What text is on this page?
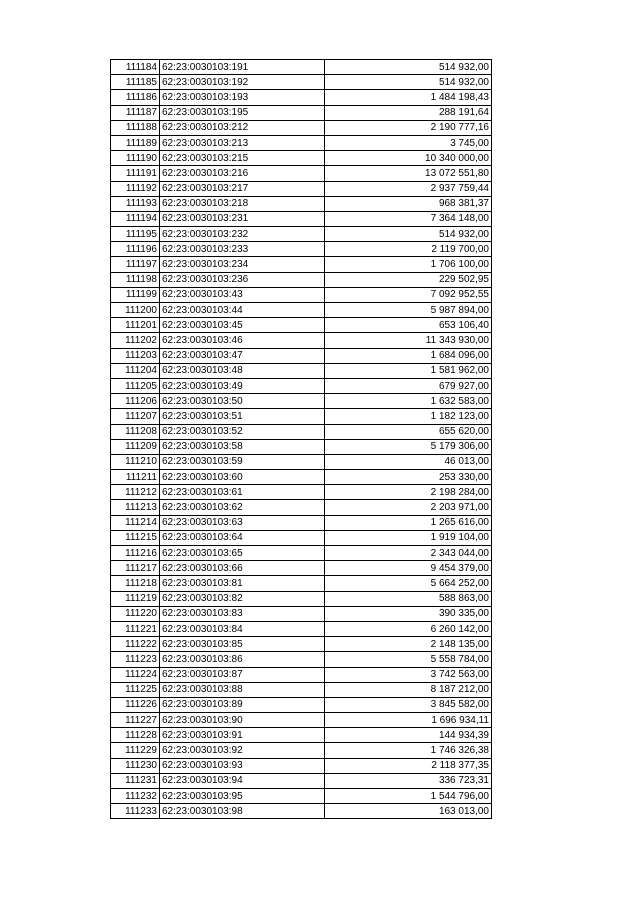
111184	62:23:0030103:191	514 932,00
111185	62:23:0030103:192	514 932,00
111186	62:23:0030103:193	1 484 198,43
111187	62:23:0030103:195	288 191,64
111188	62:23:0030103:212	2 190 777,16
111189	62:23:0030103:213	3 745,00
111190	62:23:0030103:215	10 340 000,00
111191	62:23:0030103:216	13 072 551,80
111192	62:23:0030103:217	2 937 759,44
111193	62:23:0030103:218	968 381,37
111194	62:23:0030103:231	7 364 148,00
111195	62:23:0030103:232	514 932,00
111196	62:23:0030103:233	2 119 700,00
111197	62:23:0030103:234	1 706 100,00
111198	62:23:0030103:236	229 502,95
111199	62:23:0030103:43	7 092 952,55
111200	62:23:0030103:44	5 987 894,00
111201	62:23:0030103:45	653 106,40
111202	62:23:0030103:46	11 343 930,00
111203	62:23:0030103:47	1 684 096,00
111204	62:23:0030103:48	1 581 962,00
111205	62:23:0030103:49	679 927,00
111206	62:23:0030103:50	1 632 583,00
111207	62:23:0030103:51	1 182 123,00
111208	62:23:0030103:52	655 620,00
111209	62:23:0030103:58	5 179 306,00
111210	62:23:0030103:59	46 013,00
111211	62:23:0030103:60	253 330,00
111212	62:23:0030103:61	2 198 284,00
111213	62:23:0030103:62	2 203 971,00
111214	62:23:0030103:63	1 265 616,00
111215	62:23:0030103:64	1 919 104,00
111216	62:23:0030103:65	2 343 044,00
111217	62:23:0030103:66	9 454 379,00
111218	62:23:0030103:81	5 664 252,00
111219	62:23:0030103:82	588 863,00
111220	62:23:0030103:83	390 335,00
111221	62:23:0030103:84	6 260 142,00
111222	62:23:0030103:85	2 148 135,00
111223	62:23:0030103:86	5 558 784,00
111224	62:23:0030103:87	3 742 563,00
111225	62:23:0030103:88	8 187 212,00
111226	62:23:0030103:89	3 845 582,00
111227	62:23:0030103:90	1 696 934,11
111228	62:23:0030103:91	144 934,39
111229	62:23:0030103:92	1 746 326,38
111230	62:23:0030103:93	2 118 377,35
111231	62:23:0030103:94	336 723,31
111232	62:23:0030103:95	1 544 796,00
111233	62:23:0030103:98	163 013,00
